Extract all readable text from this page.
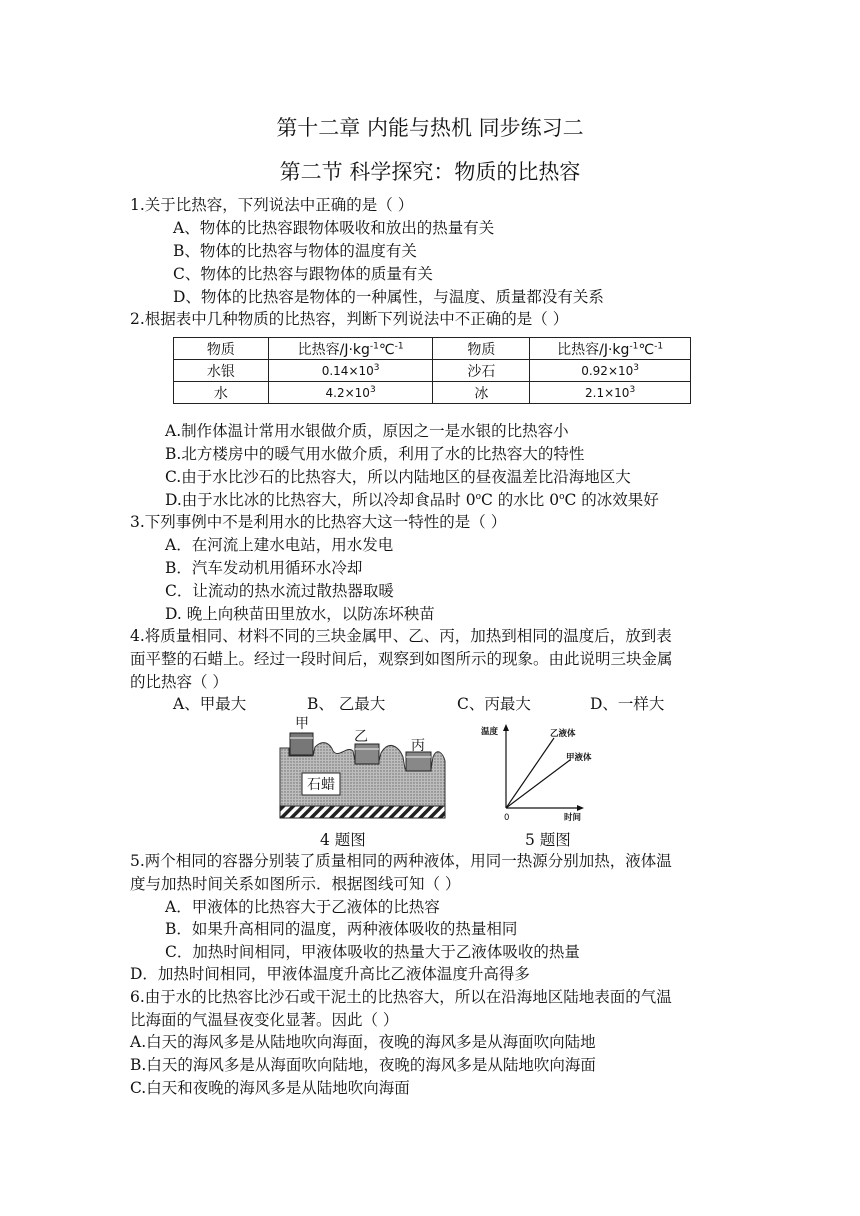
第十二章 内能与热机 同步练习二
第二节 科学探究：物质的比热容
1.关于比热容，下列说法中正确的是（ ）
A、物体的比热容跟物体吸收和放出的热量有关
B、物体的比热容与物体的温度有关
C、物体的比热容与跟物体的质量有关
D、物体的比热容是物体的一种属性，与温度、质量都没有关系
2.根据表中几种物质的比热容，判断下列说法中不正确的是（ ）
物质	比热容$/J\cdot kg^{-1}℃^{-1}$	物质	比热容$/J\cdot kg^{-1}℃^{-1}$
水银	$0.14\times 10^3$	沙石	$0.92\times 10^3$
水	$4.2\times 10^3$	冰	$2.1\times 10^3$
A.制作体温计常用水银做介质，原因之一是水银的比热容小
B.北方楼房中的暖气用水做介质，利用了水的比热容大的特性
C.由于水比沙石的比热容大，所以内陆地区的昼夜温差比沿海地区大
D.由于水比冰的比热容大，所以冷却食品时 0$^o$C 的水比 0$^o$C 的冰效果好
3.下列事例中不是利用水的比热容大这一特性的是（ ）
A．在河流上建水电站，用水发电
B．汽车发动机用循环水冷却
C．让流动的热水流过散热器取暖
D. 晚上向秧苗田里放水，以防冻坏秧苗
4.将质量相同、材料不同的三块金属甲、乙、丙，加热到相同的温度后，放到表
面平整的石蜡上。经过一段时间后，观察到如图所示的现象。由此说明三块金属
的比热容（ ）
A、甲最大	B、 乙最大	C、丙最大	D、一样大
石蜡
甲
乙
丙
4 题图
温度
时间
0
乙液体
甲液体
5 题图
5.两个相同的容器分别装了质量相同的两种液体，用同一热源分别加热，液体温
度与加热时间关系如图所示．根据图线可知（ ）
A．甲液体的比热容大于乙液体的比热容
B．如果升高相同的温度，两种液体吸收的热量相同
C．加热时间相同，甲液体吸收的热量大于乙液体吸收的热量
D．加热时间相同，甲液体温度升高比乙液体温度升高得多
6.由于水的比热容比沙石或干泥土的比热容大，所以在沿海地区陆地表面的气温
比海面的气温昼夜变化显著。因此（ ）
A.白天的海风多是从陆地吹向海面，夜晚的海风多是从海面吹向陆地
B.白天的海风多是从海面吹向陆地，夜晚的海风多是从陆地吹向海面
C.白天和夜晚的海风多是从陆地吹向海面
